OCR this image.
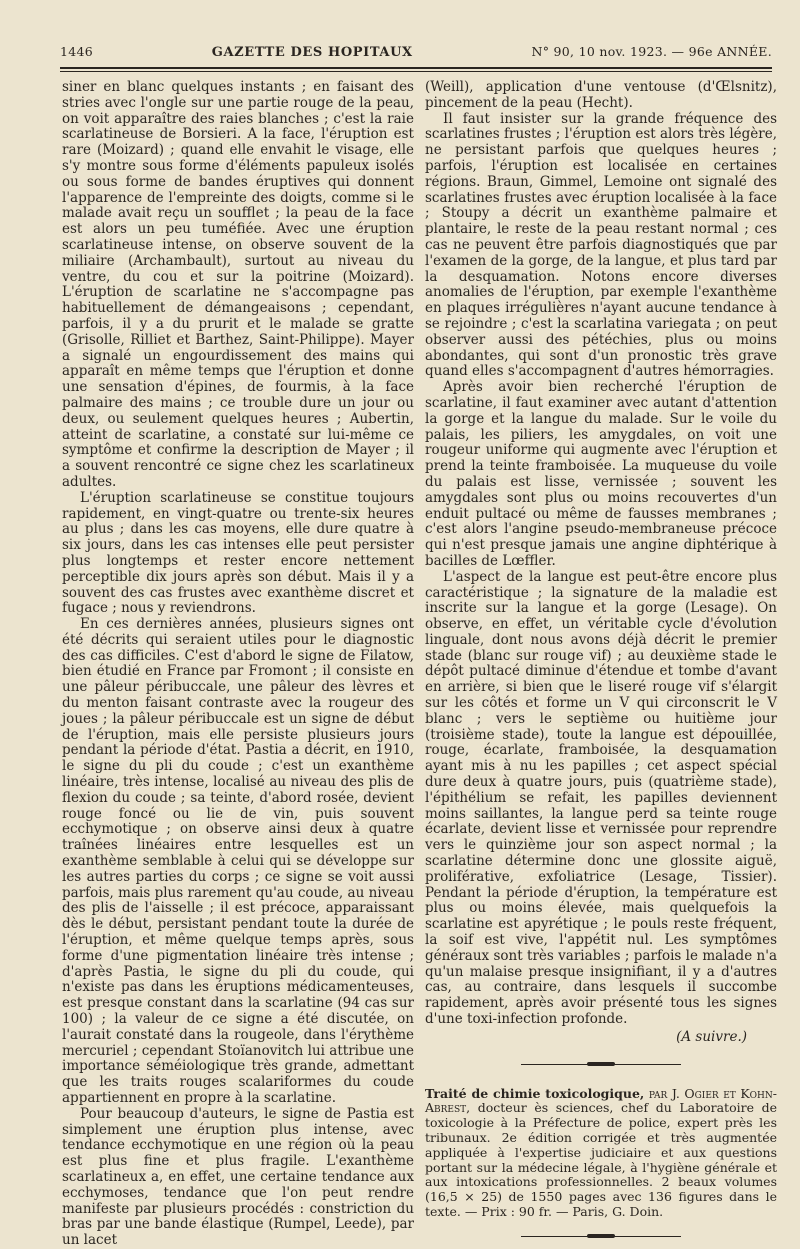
1446	GAZETTE DES HOPITAUX	N° 90, 10 nov. 1923. — 96e ANNÉE.

siner en blanc quelques instants ; en faisant des stries avec l'ongle sur une partie rouge de la peau, on voit apparaître des raies blanches ; c'est la raie scarlatineuse de Borsieri. A la face, l'éruption est rare (Moizard) ; quand elle envahit le visage, elle s'y montre sous forme d'éléments papuleux isolés ou sous forme de bandes éruptives qui donnent l'apparence de l'empreinte des doigts, comme si le malade avait reçu un soufflet ; la peau de la face est alors un peu tuméfiée. Avec une éruption scarlatineuse intense, on observe souvent de la miliaire (Archambault), surtout au niveau du ventre, du cou et sur la poitrine (Moizard). L'éruption de scarlatine ne s'accompagne pas habituellement de démangeaisons ; cependant, parfois, il y a du prurit et le malade se gratte (Grisolle, Rilliet et Barthez, Saint-Philippe). Mayer a signalé un engourdissement des mains qui apparaît en même temps que l'éruption et donne une sensation d'épines, de fourmis, à la face palmaire des mains ; ce trouble dure un jour ou deux, ou seulement quelques heures ; Aubertin, atteint de scarlatine, a constaté sur lui-même ce symptôme et confirme la description de Mayer ; il a souvent rencontré ce signe chez les scarlatineux adultes.

L'éruption scarlatineuse se constitue toujours rapidement, en vingt-quatre ou trente-six heures au plus ; dans les cas moyens, elle dure quatre à six jours, dans les cas intenses elle peut persister plus longtemps et rester encore nettement perceptible dix jours après son début. Mais il y a souvent des cas frustes avec exanthème discret et fugace ; nous y reviendrons.

En ces dernières années, plusieurs signes ont été décrits qui seraient utiles pour le diagnostic des cas difficiles. C'est d'abord le signe de Filatow, bien étudié en France par Fromont ; il consiste en une pâleur péribuccale, une pâleur des lèvres et du menton faisant contraste avec la rougeur des joues ; la pâleur péribuccale est un signe de début de l'éruption, mais elle persiste plusieurs jours pendant la période d'état. Pastia a décrit, en 1910, le signe du pli du coude ; c'est un exanthème linéaire, très intense, localisé au niveau des plis de flexion du coude ; sa teinte, d'abord rosée, devient rouge foncé ou lie de vin, puis souvent ecchymotique ; on observe ainsi deux à quatre traînées linéaires entre lesquelles est un exanthème semblable à celui qui se développe sur les autres parties du corps ; ce signe se voit aussi parfois, mais plus rarement qu'au coude, au niveau des plis de l'aisselle ; il est précoce, apparaissant dès le début, persistant pendant toute la durée de l'éruption, et même quelque temps après, sous forme d'une pigmentation linéaire très intense ; d'après Pastia, le signe du pli du coude, qui n'existe pas dans les éruptions médicamenteuses, est presque constant dans la scarlatine (94 cas sur 100) ; la valeur de ce signe a été discutée, on l'aurait constaté dans la rougeole, dans l'érythème mercuriel ; cependant Stoïanovitch lui attribue une importance séméiologique très grande, admettant que les traits rouges scalariformes du coude appartiennent en propre à la scarlatine.

Pour beaucoup d'auteurs, le signe de Pastia est simplement une éruption plus intense, avec tendance ecchymotique en une région où la peau est plus fine et plus fragile. L'exanthème scarlatineux a, en effet, une certaine tendance aux ecchymoses, tendance que l'on peut rendre manifeste par plusieurs procédés : constriction du bras par une bande élastique (Rumpel, Leede), par un lacet

(Weill), application d'une ventouse (d'Œlsnitz), pincement de la peau (Hecht).

Il faut insister sur la grande fréquence des scarlatines frustes ; l'éruption est alors très légère, ne persistant parfois que quelques heures ; parfois, l'éruption est localisée en certaines régions. Braun, Gimmel, Lemoine ont signalé des scarlatines frustes avec éruption localisée à la face ; Stoupy a décrit un exanthème palmaire et plantaire, le reste de la peau restant normal ; ces cas ne peuvent être parfois diagnostiqués que par l'examen de la gorge, de la langue, et plus tard par la desquamation. Notons encore diverses anomalies de l'éruption, par exemple l'exanthème en plaques irrégulières n'ayant aucune tendance à se rejoindre ; c'est la scarlatina variegata ; on peut observer aussi des pétéchies, plus ou moins abondantes, qui sont d'un pronostic très grave quand elles s'accompagnent d'autres hémorragies.

Après avoir bien recherché l'éruption de scarlatine, il faut examiner avec autant d'attention la gorge et la langue du malade. Sur le voile du palais, les piliers, les amygdales, on voit une rougeur uniforme qui augmente avec l'éruption et prend la teinte framboisée. La muqueuse du voile du palais est lisse, vernissée ; souvent les amygdales sont plus ou moins recouvertes d'un enduit pultacé ou même de fausses membranes ; c'est alors l'angine pseudo-membraneuse précoce qui n'est presque jamais une angine diphtérique à bacilles de Lœffler.

L'aspect de la langue est peut-être encore plus caractéristique ; la signature de la maladie est inscrite sur la langue et la gorge (Lesage). On observe, en effet, un véritable cycle d'évolution linguale, dont nous avons déjà décrit le premier stade (blanc sur rouge vif) ; au deuxième stade le dépôt pultacé diminue d'étendue et tombe d'avant en arrière, si bien que le liseré rouge vif s'élargit sur les côtés et forme un V qui circonscrit le V blanc ; vers le septième ou huitième jour (troisième stade), toute la langue est dépouillée, rouge, écarlate, framboisée, la desquamation ayant mis à nu les papilles ; cet aspect spécial dure deux à quatre jours, puis (quatrième stade), l'épithélium se refait, les papilles deviennent moins saillantes, la langue perd sa teinte rouge écarlate, devient lisse et vernissée pour reprendre vers le quinzième jour son aspect normal ; la scarlatine détermine donc une glossite aiguë, proliférative, exfoliatrice (Lesage, Tissier). Pendant la période d'éruption, la température est plus ou moins élevée, mais quelquefois la scarlatine est apyrétique ; le pouls reste fréquent, la soif est vive, l'appétit nul. Les symptômes généraux sont très variables ; parfois le malade n'a qu'un malaise presque insignifiant, il y a d'autres cas, au contraire, dans lesquels il succombe rapidement, après avoir présenté tous les signes d'une toxi-infection profonde.

(A suivre.)

Traité de chimie toxicologique, par J. Ogier et Kohn-Abrest, docteur ès sciences, chef du Laboratoire de toxicologie à la Préfecture de police, expert près les tribunaux. 2e édition corrigée et très augmentée appliquée à l'expertise judiciaire et aux questions portant sur la médecine légale, à l'hygiène générale et aux intoxications professionnelles. 2 beaux volumes (16,5 × 25) de 1550 pages avec 136 figures dans le texte. — Prix : 90 fr. — Paris, G. Doin.
